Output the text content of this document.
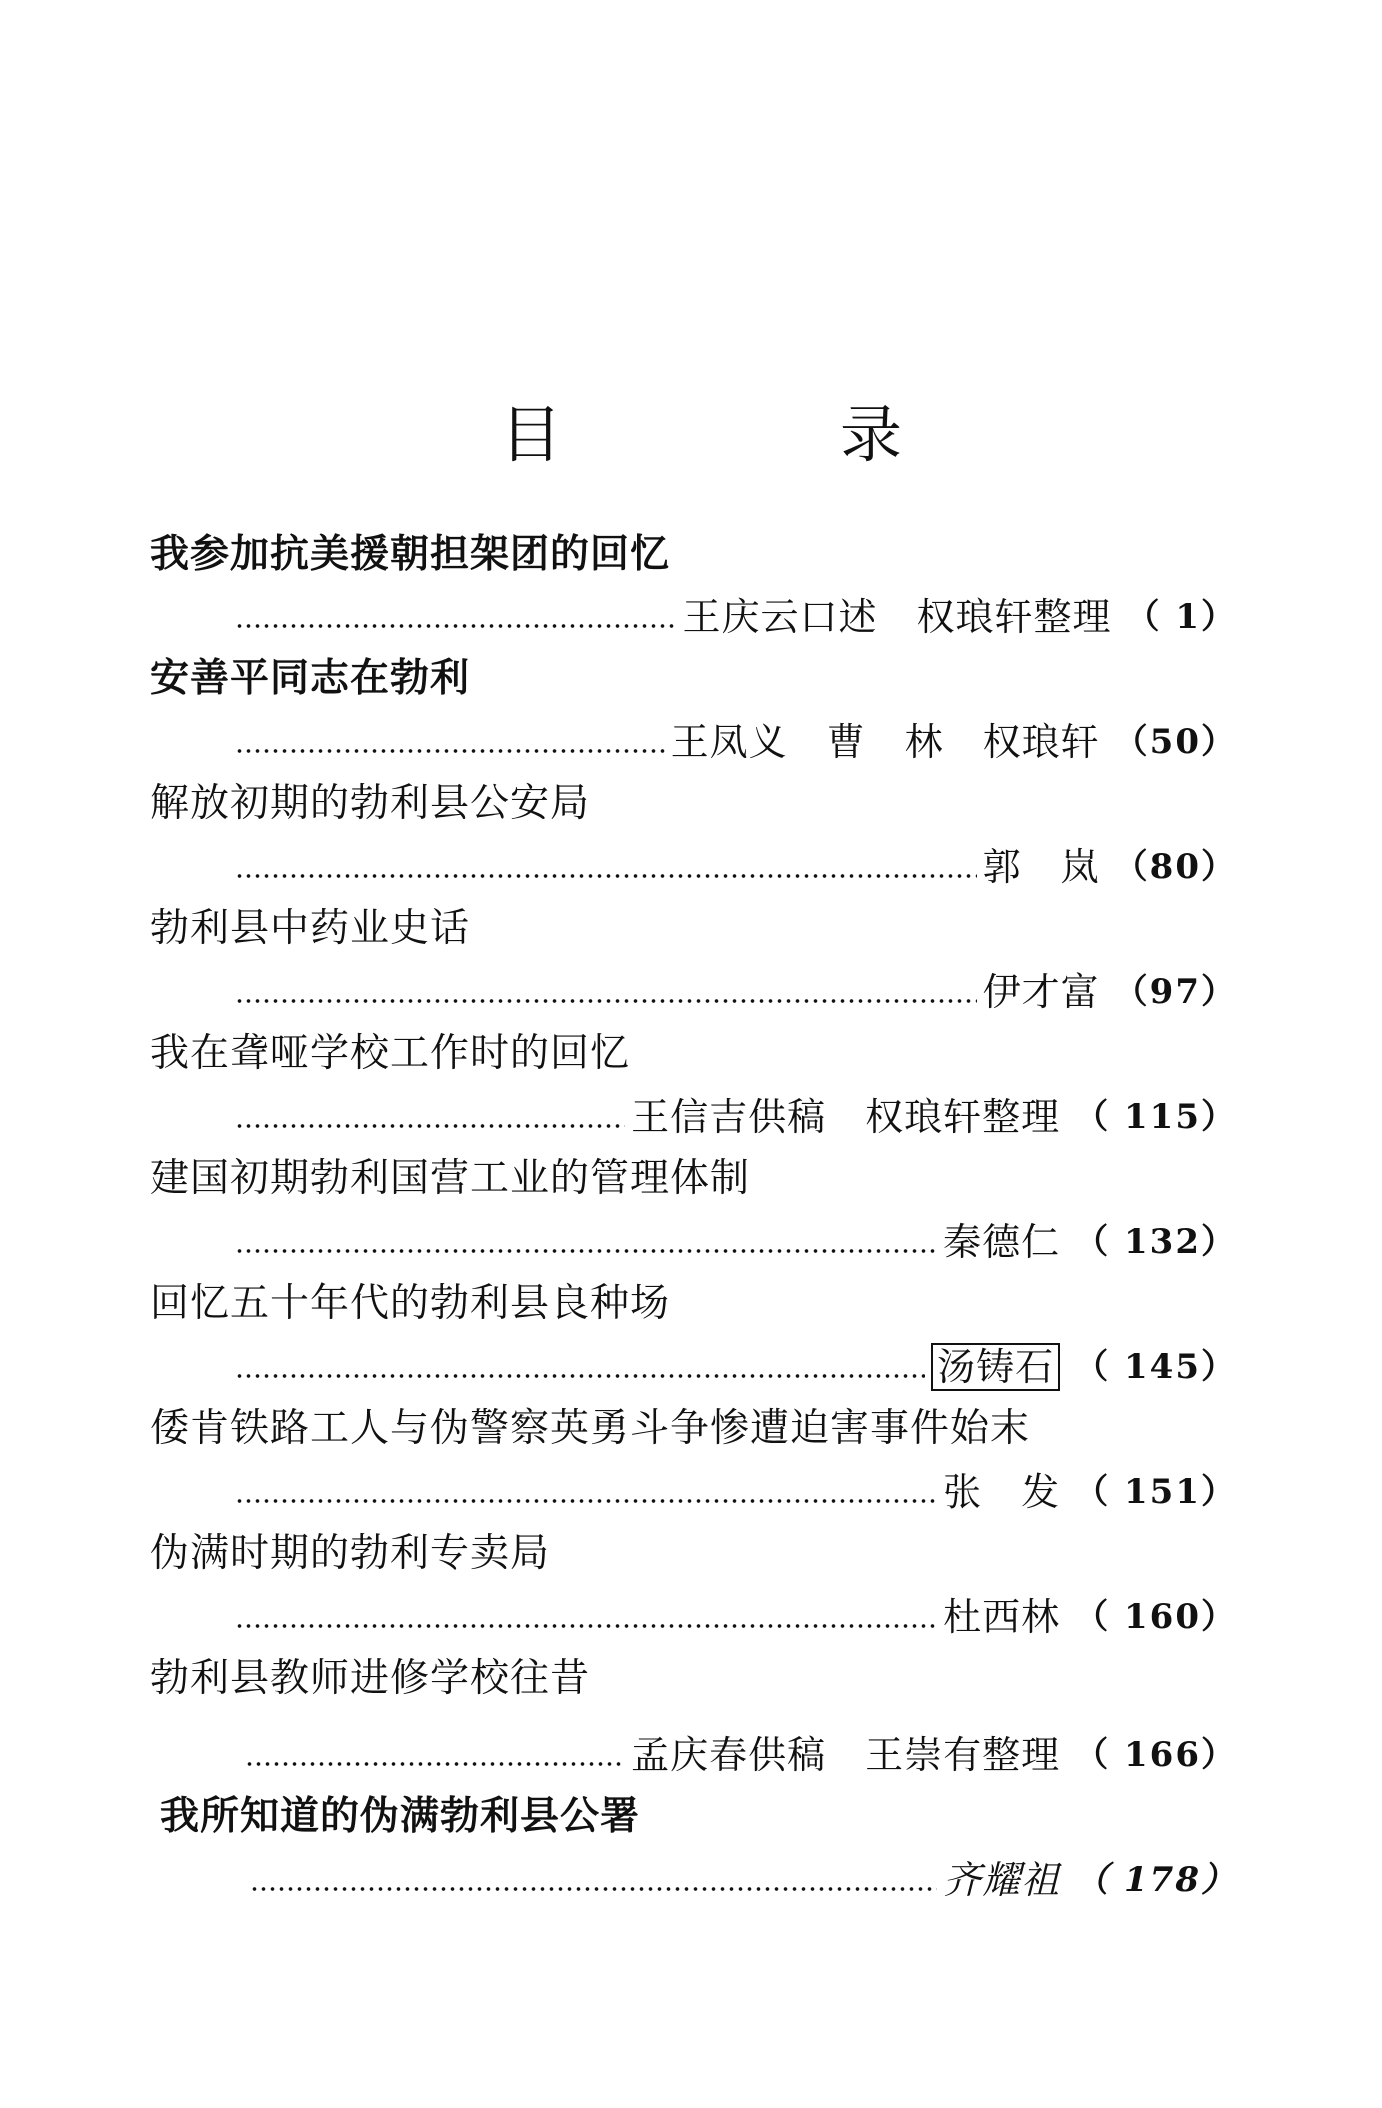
目	录
我参加抗美援朝担架团的回忆
王庆云口述　权琅轩整理 （ 1）
安善平同志在勃利
王凤义　曹　林　权琅轩 （50）
解放初期的勃利县公安局
郭　岚 （80）
勃利县中药业史话
伊才富 （97）
我在聋哑学校工作时的回忆
王信吉供稿　权琅轩整理 （ 115）
建国初期勃利国营工业的管理体制
秦德仁 （ 132）
回忆五十年代的勃利县良种场
汤铸石 （ 145）
倭肯铁路工人与伪警察英勇斗争惨遭迫害事件始末
张　发 （ 151）
伪满时期的勃利专卖局
杜西林 （ 160）
勃利县教师进修学校往昔
孟庆春供稿　王崇有整理 （ 166）
我所知道的伪满勃利县公署
齐耀祖 （ 178）
